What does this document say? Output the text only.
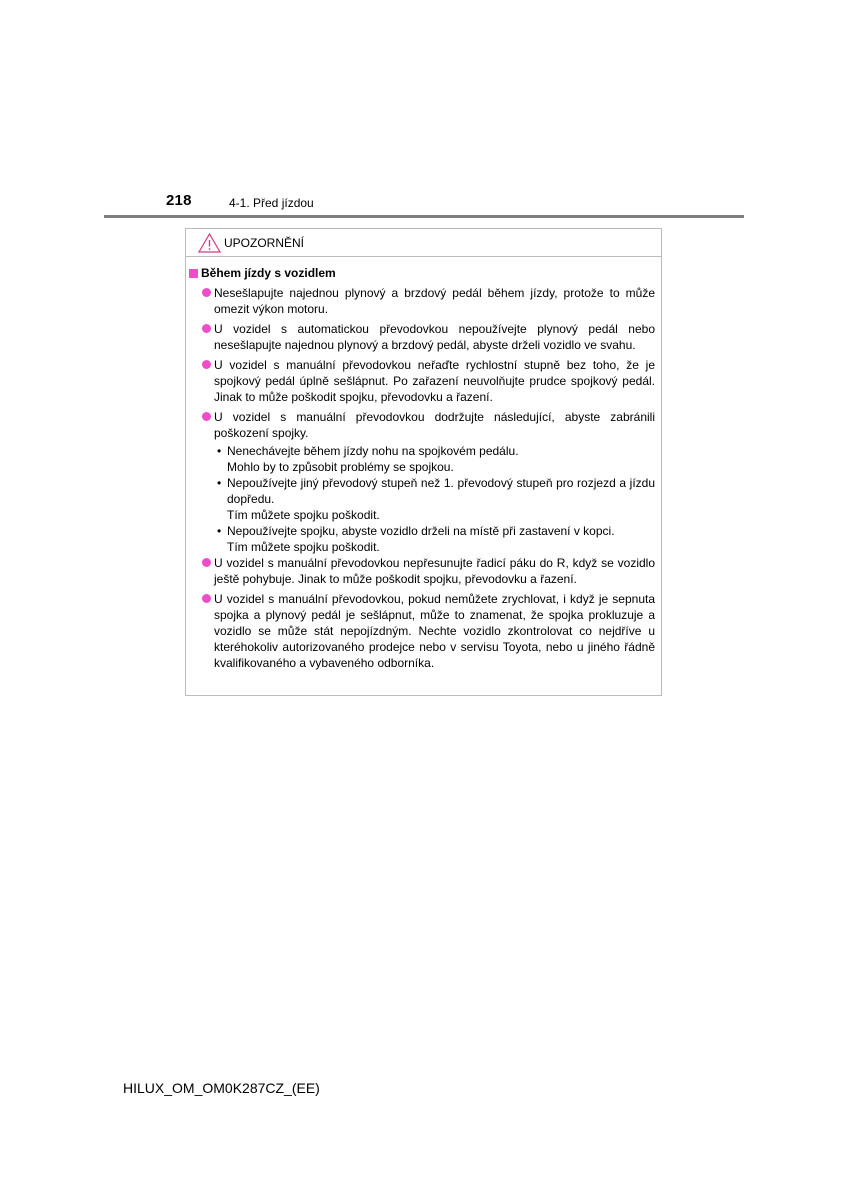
218	4-1. Před jízdou
UPOZORNĚNÍ
Během jízdy s vozidlem
Nesešlapujte najednou plynový a brzdový pedál během jízdy, protože to může omezit výkon motoru.
U vozidel s automatickou převodovkou nepoužívejte plynový pedál nebo nesešlapujte najednou plynový a brzdový pedál, abyste drželi vozidlo ve svahu.
U vozidel s manuální převodovkou neřaďte rychlostní stupně bez toho, že je spojkový pedál úplně sešlápnut. Po zařazení neuvolňujte prudce spojkový pedál. Jinak to může poškodit spojku, převodovku a řazení.
U vozidel s manuální převodovkou dodržujte následující, abyste zabránili poškození spojky.
• Nenechávejte během jízdy nohu na spojkovém pedálu.
Mohlo by to způsobit problémy se spojkou.
• Nepoužívejte jiný převodový stupeň než 1. převodový stupeň pro rozjezd a jízdu dopředu.
Tím můžete spojku poškodit.
• Nepoužívejte spojku, abyste vozidlo drželi na místě při zastavení v kopci.
Tím můžete spojku poškodit.
U vozidel s manuální převodovkou nepřesunujte řadicí páku do R, když se vozidlo ještě pohybuje. Jinak to může poškodit spojku, převodovku a řazení.
U vozidel s manuální převodovkou, pokud nemůžete zrychlovat, i když je sepnuta spojka a plynový pedál je sešlápnut, může to znamenat, že spojka prokluzuje a vozidlo se může stát nepojízdným. Nechte vozidlo zkontrolovat co nejdříve u kteréhokoliv autorizovaného prodejce nebo v servisu Toyota, nebo u jiného řádně kvalifikovaného a vybaveného odborníka.
HILUX_OM_OM0K287CZ_(EE)
